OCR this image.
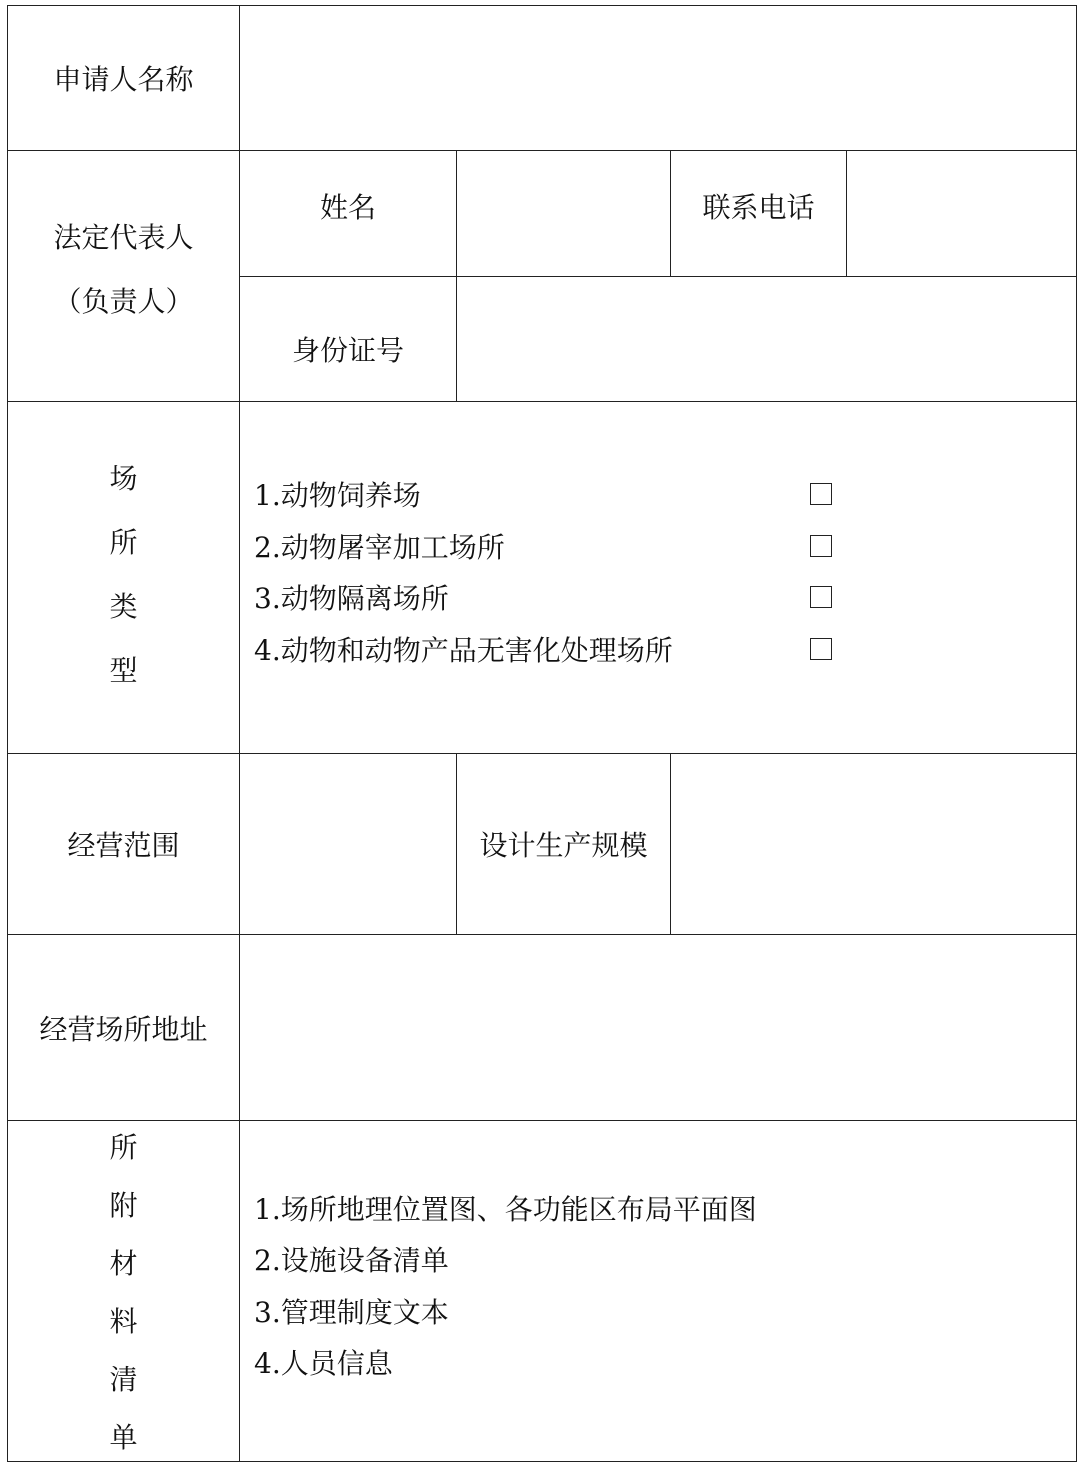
申请人名称
法定代表人
（负责人）
姓名	联系电话
身份证号
场
所
类
型
1.动物饲养场
2.动物屠宰加工场所
3.动物隔离场所
4.动物和动物产品无害化处理场所
经营范围	设计生产规模
经营场所地址
所
附
材
料
清
单
1.场所地理位置图、各功能区布局平面图
2.设施设备清单
3.管理制度文本
4.人员信息
